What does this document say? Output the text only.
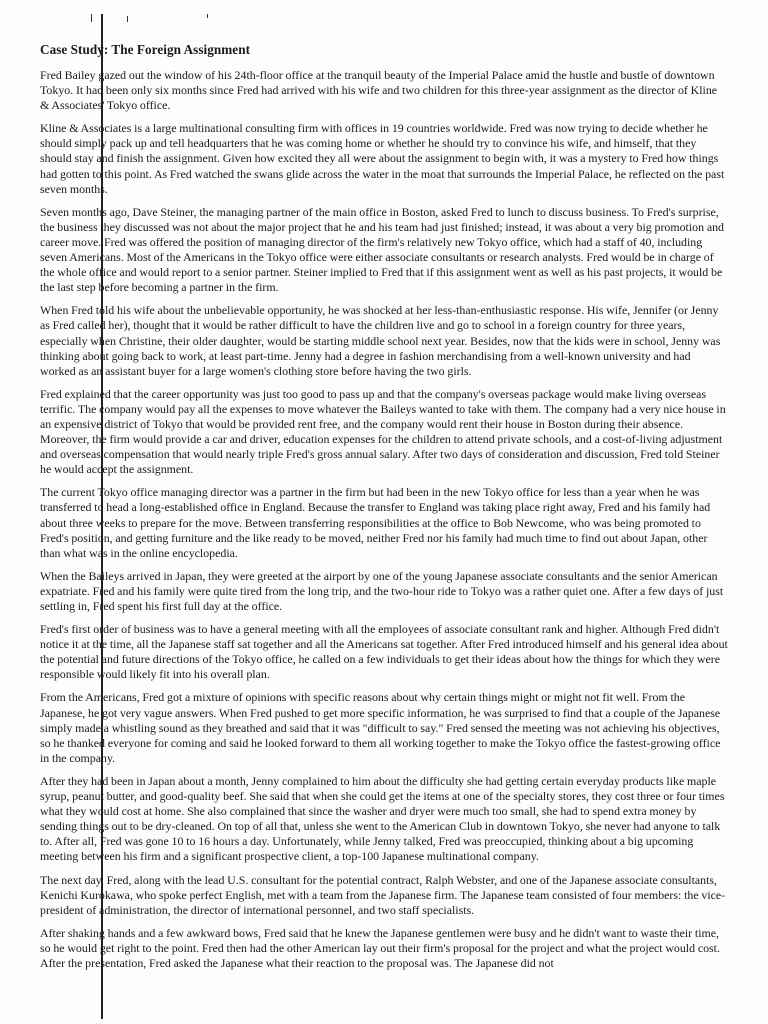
Case Study: The Foreign Assignment

Fred Bailey gazed out the window of his 24th-floor office at the tranquil beauty of the Imperial Palace amid the hustle and bustle of downtown Tokyo. It had been only six months since Fred had arrived with his wife and two children for this three-year assignment as the director of Kline & Associates' Tokyo office.

Kline & Associates is a large multinational consulting firm with offices in 19 countries worldwide. Fred was now trying to decide whether he should simply pack up and tell headquarters that he was coming home or whether he should try to convince his wife, and himself, that they should stay and finish the assignment. Given how excited they all were about the assignment to begin with, it was a mystery to Fred how things had gotten to this point. As Fred watched the swans glide across the water in the moat that surrounds the Imperial Palace, he reflected on the past seven months.

Seven months ago, Dave Steiner, the managing partner of the main office in Boston, asked Fred to lunch to discuss business. To Fred's surprise, the business they discussed was not about the major project that he and his team had just finished; instead, it was about a very big promotion and career move. Fred was offered the position of managing director of the firm's relatively new Tokyo office, which had a staff of 40, including seven Americans. Most of the Americans in the Tokyo office were either associate consultants or research analysts. Fred would be in charge of the whole office and would report to a senior partner. Steiner implied to Fred that if this assignment went as well as his past projects, it would be the last step before becoming a partner in the firm.

When Fred told his wife about the unbelievable opportunity, he was shocked at her less-than-enthusiastic response. His wife, Jennifer (or Jenny as Fred called her), thought that it would be rather difficult to have the children live and go to school in a foreign country for three years, especially when Christine, their older daughter, would be starting middle school next year. Besides, now that the kids were in school, Jenny was thinking about going back to work, at least part-time. Jenny had a degree in fashion merchandising from a well-known university and had worked as an assistant buyer for a large women's clothing store before having the two girls.

Fred explained that the career opportunity was just too good to pass up and that the company's overseas package would make living overseas terrific. The company would pay all the expenses to move whatever the Baileys wanted to take with them. The company had a very nice house in an expensive district of Tokyo that would be provided rent free, and the company would rent their house in Boston during their absence. Moreover, the firm would provide a car and driver, education expenses for the children to attend private schools, and a cost-of-living adjustment and overseas compensation that would nearly triple Fred's gross annual salary. After two days of consideration and discussion, Fred told Steiner he would accept the assignment.

The current Tokyo office managing director was a partner in the firm but had been in the new Tokyo office for less than a year when he was transferred to head a long-established office in England. Because the transfer to England was taking place right away, Fred and his family had about three weeks to prepare for the move. Between transferring responsibilities at the office to Bob Newcome, who was being promoted to Fred's position, and getting furniture and the like ready to be moved, neither Fred nor his family had much time to find out about Japan, other than what was in the online encyclopedia.

When the Baileys arrived in Japan, they were greeted at the airport by one of the young Japanese associate consultants and the senior American expatriate. Fred and his family were quite tired from the long trip, and the two-hour ride to Tokyo was a rather quiet one. After a few days of just settling in, Fred spent his first full day at the office.

Fred's first order of business was to have a general meeting with all the employees of associate consultant rank and higher. Although Fred didn't notice it at the time, all the Japanese staff sat together and all the Americans sat together. After Fred introduced himself and his general idea about the potential and future directions of the Tokyo office, he called on a few individuals to get their ideas about how the things for which they were responsible would likely fit into his overall plan.

From the Americans, Fred got a mixture of opinions with specific reasons about why certain things might or might not fit well. From the Japanese, he got very vague answers. When Fred pushed to get more specific information, he was surprised to find that a couple of the Japanese simply made a whistling sound as they breathed and said that it was "difficult to say." Fred sensed the meeting was not achieving his objectives, so he thanked everyone for coming and said he looked forward to them all working together to make the Tokyo office the fastest-growing office in the company.

After they had been in Japan about a month, Jenny complained to him about the difficulty she had getting certain everyday products like maple syrup, peanut butter, and good-quality beef. She said that when she could get the items at one of the specialty stores, they cost three or four times what they would cost at home. She also complained that since the washer and dryer were much too small, she had to spend extra money by sending things out to be dry-cleaned. On top of all that, unless she went to the American Club in downtown Tokyo, she never had anyone to talk to. After all, Fred was gone 10 to 16 hours a day. Unfortunately, while Jenny talked, Fred was preoccupied, thinking about a big upcoming meeting between his firm and a significant prospective client, a top-100 Japanese multinational company.

The next day, Fred, along with the lead U.S. consultant for the potential contract, Ralph Webster, and one of the Japanese associate consultants, Kenichi Kurokawa, who spoke perfect English, met with a team from the Japanese firm. The Japanese team consisted of four members: the vice-president of administration, the director of international personnel, and two staff specialists.

After shaking hands and a few awkward bows, Fred said that he knew the Japanese gentlemen were busy and he didn't want to waste their time, so he would get right to the point. Fred then had the other American lay out their firm's proposal for the project and what the project would cost. After the presentation, Fred asked the Japanese what their reaction to the proposal was. The Japanese did not
